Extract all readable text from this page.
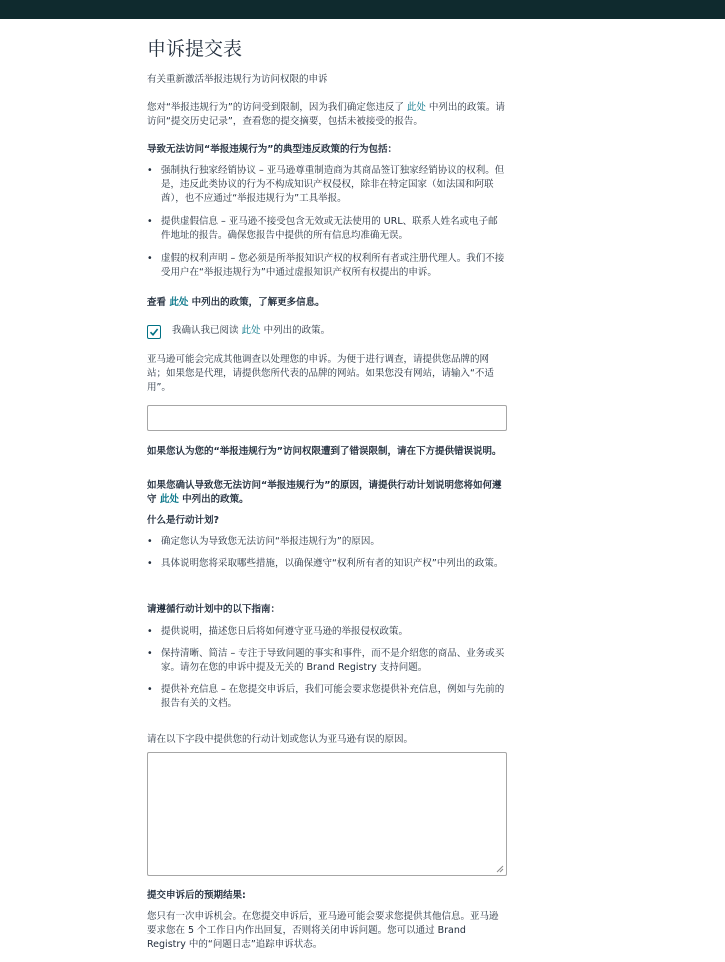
申诉提交表
有关重新激活举报违规行为访问权限的申诉
您对“举报违规行为”的访问受到限制，因为我们确定您违反了 此处 中列出的政策。请访问“提交历史记录”，查看您的提交摘要，包括未被接受的报告。
导致无法访问“举报违规行为”的典型违反政策的行为包括：
• 强制执行独家经销协议 – 亚马逊尊重制造商为其商品签订独家经销协议的权利。但是，违反此类协议的行为不构成知识产权侵权，除非在特定国家（如法国和阿联酋），也不应通过“举报违规行为”工具举报。
• 提供虚假信息 – 亚马逊不接受包含无效或无法使用的 URL、联系人姓名或电子邮件地址的报告。确保您报告中提供的所有信息均准确无误。
• 虚假的权利声明 – 您必须是所举报知识产权的权利所有者或注册代理人。我们不接受用户在“举报违规行为”中通过虚报知识产权所有权提出的申诉。
查看 此处 中列出的政策，了解更多信息。
我确认我已阅读 此处 中列出的政策。
亚马逊可能会完成其他调查以处理您的申诉。为便于进行调查，请提供您品牌的网站；如果您是代理，请提供您所代表的品牌的网站。如果您没有网站，请输入“不适用”。
如果您认为您的“举报违规行为”访问权限遭到了错误限制，请在下方提供错误说明。
如果您确认导致您无法访问“举报违规行为”的原因，请提供行动计划说明您将如何遵守 此处 中列出的政策。
什么是行动计划?
• 确定您认为导致您无法访问“举报违规行为”的原因。
• 具体说明您将采取哪些措施，以确保遵守“权利所有者的知识产权”中列出的政策。
请遵循行动计划中的以下指南：
• 提供说明，描述您日后将如何遵守亚马逊的举报侵权政策。
• 保持清晰、简洁 – 专注于导致问题的事实和事件，而不是介绍您的商品、业务或买家。请勿在您的申诉中提及无关的 Brand Registry 支持问题。
• 提供补充信息 – 在您提交申诉后，我们可能会要求您提供补充信息，例如与先前的报告有关的文档。
请在以下字段中提供您的行动计划或您认为亚马逊有误的原因。
提交申诉后的预期结果:
您只有一次申诉机会。在您提交申诉后，亚马逊可能会要求您提供其他信息。亚马逊要求您在 5 个工作日内作出回复，否则将关闭申诉问题。您可以通过 Brand Registry 中的“问题日志”追踪申诉状态。
